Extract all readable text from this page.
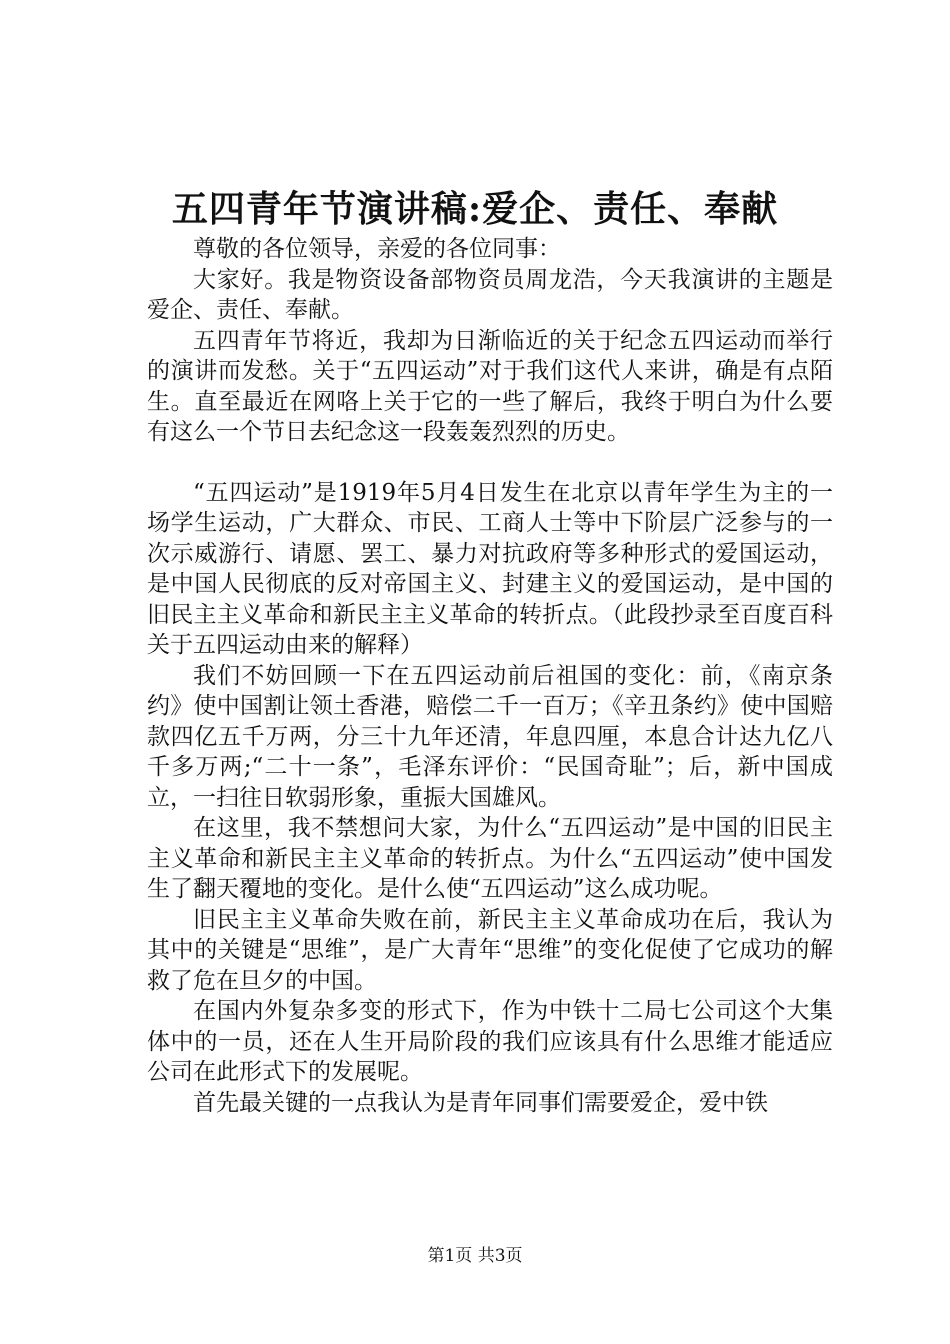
五四青年节演讲稿:爱企、责任、奉献

尊敬的各位领导，亲爱的各位同事：

大家好。我是物资设备部物资员周龙浩，今天我演讲的主题是爱企、责任、奉献。

五四青年节将近，我却为日渐临近的关于纪念五四运动而举行的演讲而发愁。关于“五四运动”对于我们这代人来讲，确是有点陌生。直至最近在网咯上关于它的一些了解后，我终于明白为什么要有这么一个节日去纪念这一段轰轰烈烈的历史。

“五四运动”是1919年5月4日发生在北京以青年学生为主的一场学生运动，广大群众、市民、工商人士等中下阶层广泛参与的一次示威游行、请愿、罢工、暴力对抗政府等多种形式的爱国运动，是中国人民彻底的反对帝国主义、封建主义的爱国运动，是中国的旧民主主义革命和新民主主义革命的转折点。（此段抄录至百度百科关于五四运动由来的解释）

我们不妨回顾一下在五四运动前后祖国的变化：前，《南京条约》使中国割让领土香港，赔偿二千一百万；《辛丑条约》使中国赔款四亿五千万两，分三十九年还清，年息四厘，本息合计达九亿八千多万两;“二十一条”，毛泽东评价：“民国奇耻”；后，新中国成立，一扫往日软弱形象，重振大国雄风。

在这里，我不禁想问大家，为什么“五四运动”是中国的旧民主主义革命和新民主主义革命的转折点。为什么“五四运动”使中国发生了翻天覆地的变化。是什么使“五四运动”这么成功呢。

旧民主主义革命失败在前，新民主主义革命成功在后，我认为其中的关键是“思维”，是广大青年“思维”的变化促使了它成功的解救了危在旦夕的中国。

在国内外复杂多变的形式下，作为中铁十二局七公司这个大集体中的一员，还在人生开局阶段的我们应该具有什么思维才能适应公司在此形式下的发展呢。

首先最关键的一点我认为是青年同事们需要爱企，爱中铁

第1页 共3页
